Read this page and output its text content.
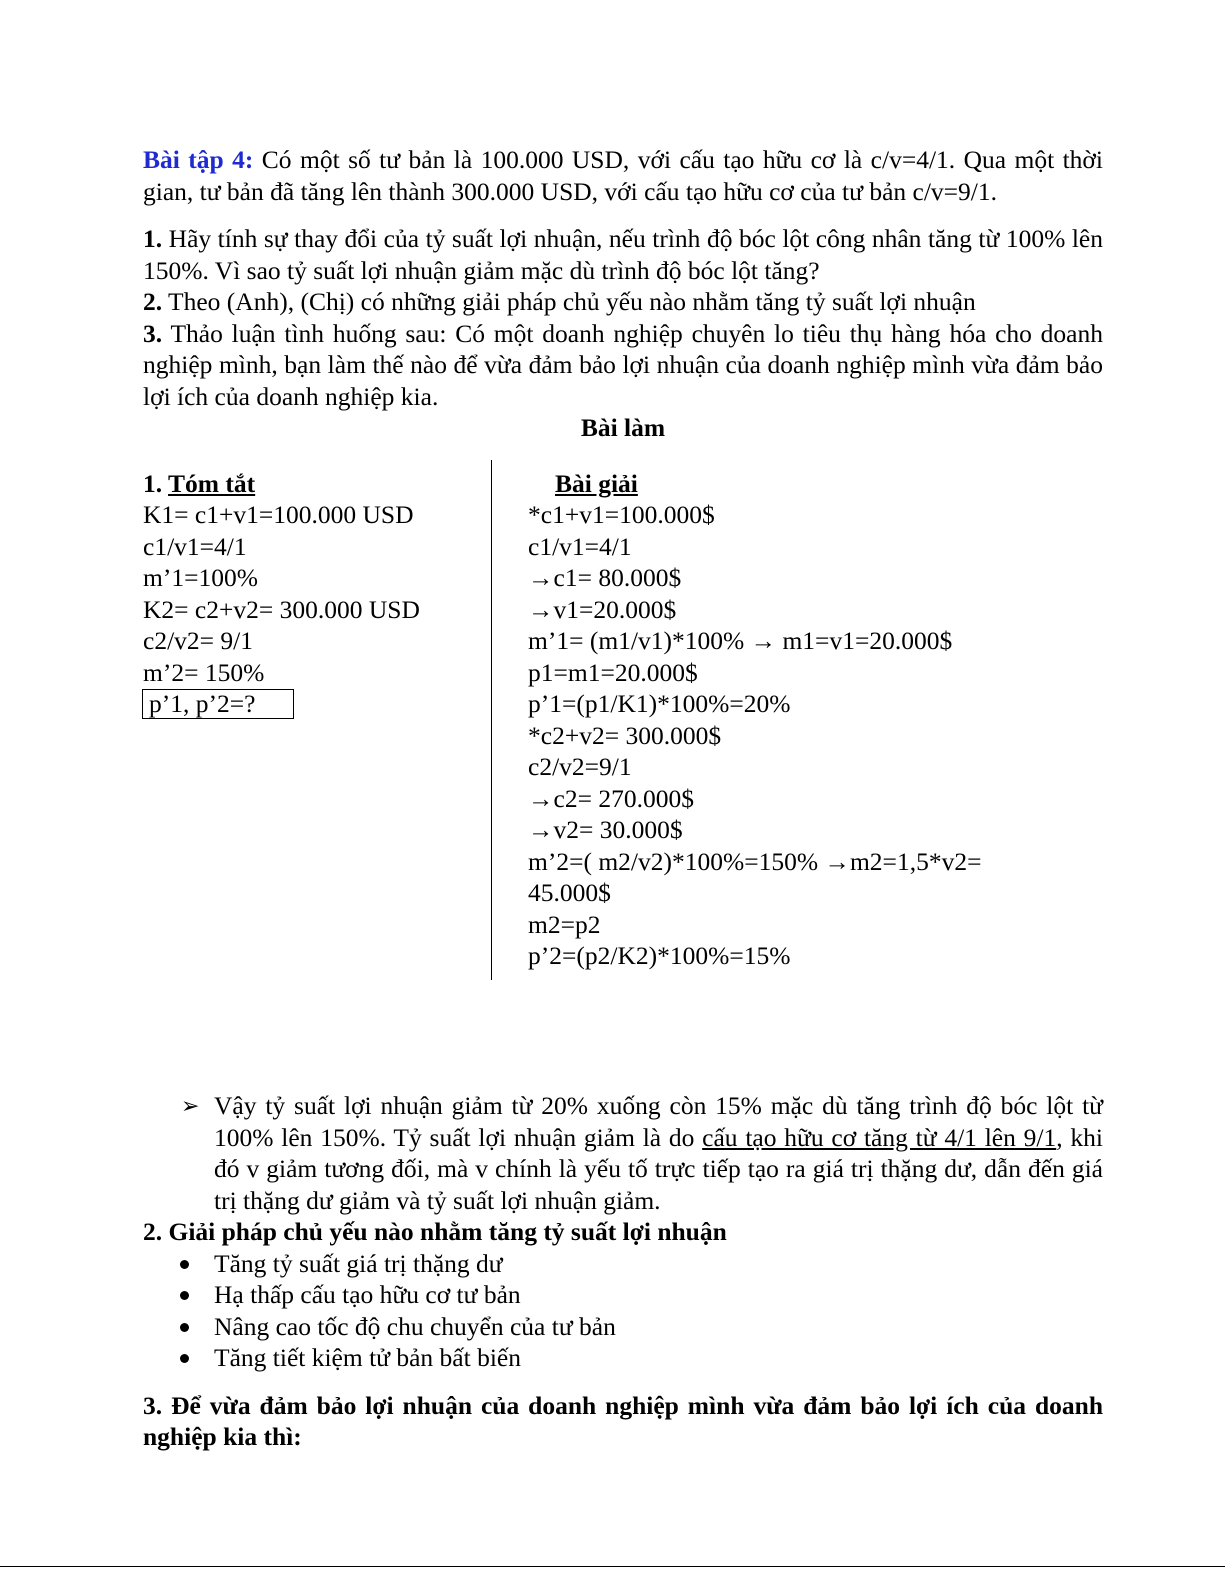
Bài tập 4: Có một số tư bản là 100.000 USD, với cấu tạo hữu cơ là c/v=4/1. Qua một thời gian, tư bản đã tăng lên thành 300.000 USD, với cấu tạo hữu cơ của tư bản c/v=9/1.

1. Hãy tính sự thay đổi của tỷ suất lợi nhuận, nếu trình độ bóc lột công nhân tăng từ 100% lên 150%. Vì sao tỷ suất lợi nhuận giảm mặc dù trình độ bóc lột tăng?

2. Theo (Anh), (Chị) có những giải pháp chủ yếu nào nhằm tăng tỷ suất lợi nhuận

3. Thảo luận tình huống sau: Có một doanh nghiệp chuyên lo tiêu thụ hàng hóa cho doanh nghiệp mình, bạn làm thế nào để vừa đảm bảo lợi nhuận của doanh nghiệp mình vừa đảm bảo lợi ích của doanh nghiệp kia.

Bài làm

1. Tóm tắt
K1= c1+v1=100.000 USD
c1/v1=4/1
m’1=100%
K2= c2+v2= 300.000 USD
c2/v2= 9/1
m’2= 150%
p’1, p’2=?
Bài giải
*c1+v1=100.000$
c1/v1=4/1
→c1= 80.000$
→v1=20.000$
m’1= (m1/v1)*100% → m1=v1=20.000$
p1=m1=20.000$
p’1=(p1/K1)*100%=20%
*c2+v2= 300.000$
c2/v2=9/1
→c2= 270.000$
→v2= 30.000$
m’2=( m2/v2)*100%=150% →m2=1,5*v2=
45.000$
m2=p2
p’2=(p2/K2)*100%=15%
➢ Vậy tỷ suất lợi nhuận giảm từ 20% xuống còn 15% mặc dù tăng trình độ bóc lột từ 100% lên 150%. Tỷ suất lợi nhuận giảm là do cấu tạo hữu cơ tăng từ 4/1 lên 9/1, khi đó v giảm tương đối, mà v chính là yếu tố trực tiếp tạo ra giá trị thặng dư, dẫn đến giá trị thặng dư giảm và tỷ suất lợi nhuận giảm.

2. Giải pháp chủ yếu nào nhằm tăng tỷ suất lợi nhuận

Tăng tỷ suất giá trị thặng dư
Hạ thấp cấu tạo hữu cơ tư bản
Nâng cao tốc độ chu chuyển của tư bản
Tăng tiết kiệm tử bản bất biến

3. Để vừa đảm bảo lợi nhuận của doanh nghiệp mình vừa đảm bảo lợi ích của doanh nghiệp kia thì:
